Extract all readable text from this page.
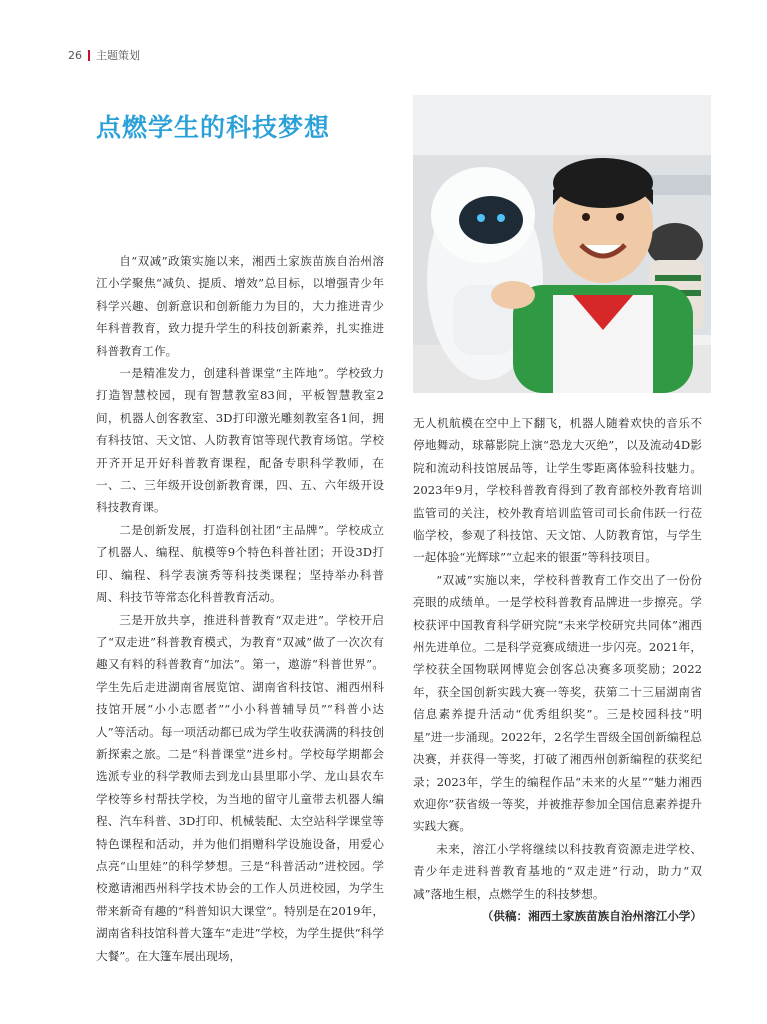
26 主题策划
点燃学生的科技梦想

自“双减”政策实施以来，湘西土家族苗族自治州溶江小学聚焦“减负、提质、增效”总目标，以增强青少年科学兴趣、创新意识和创新能力为目的，大力推进青少年科普教育，致力提升学生的科技创新素养，扎实推进科普教育工作。

一是精准发力，创建科普课堂“主阵地”。学校致力打造智慧校园，现有智慧教室83间，平板智慧教室2间，机器人创客教室、3D打印激光雕刻教室各1间，拥有科技馆、天文馆、人防教育馆等现代教育场馆。学校开齐开足开好科普教育课程，配备专职科学教师，在一、二、三年级开设创新教育课，四、五、六年级开设科技教育课。

二是创新发展，打造科创社团“主品牌”。学校成立了机器人、编程、航模等9个特色科普社团；开设3D打印、编程、科学表演秀等科技类课程；坚持举办科普周、科技节等常态化科普教育活动。

三是开放共享，推进科普教育“双走进”。学校开启了“双走进”科普教育模式，为教育“双减”做了一次次有趣又有料的科普教育“加法”。第一，遨游“科普世界”。学生先后走进湖南省展览馆、湖南省科技馆、湘西州科技馆开展“小小志愿者”“小小科普辅导员”“科普小达人”等活动。每一项活动都已成为学生收获满满的科技创新探索之旅。二是“科普课堂”进乡村。学校每学期都会选派专业的科学教师去到龙山县里耶小学、龙山县农车学校等乡村帮扶学校，为当地的留守儿童带去机器人编程、汽车科普、3D打印、机械装配、太空站科学课堂等特色课程和活动，并为他们捐赠科学设施设备，用爱心点亮“山里娃”的科学梦想。三是“科普活动”进校园。学校邀请湘西州科学技术协会的工作人员进校园，为学生带来新奇有趣的“科普知识大课堂”。特别是在2019年，湖南省科技馆科普大篷车“走进”学校，为学生提供“科学大餐”。在大篷车展出现场，

无人机航模在空中上下翻飞，机器人随着欢快的音乐不停地舞动，球幕影院上演“恐龙大灭绝”，以及流动4D影院和流动科技馆展品等，让学生零距离体验科技魅力。2023年9月，学校科普教育得到了教育部校外教育培训监管司的关注，校外教育培训监管司司长俞伟跃一行莅临学校，参观了科技馆、天文馆、人防教育馆，与学生一起体验“光辉球”“立起来的银蛋”等科技项目。

“双减”实施以来，学校科普教育工作交出了一份份亮眼的成绩单。一是学校科普教育品牌进一步擦亮。学校获评中国教育科学研究院“未来学校研究共同体”湘西州先进单位。二是科学竞赛成绩进一步闪亮。2021年，学校获全国物联网博览会创客总决赛多项奖励；2022年，获全国创新实践大赛一等奖，获第二十三届湖南省信息素养提升活动“优秀组织奖”。三是校园科技“明星”进一步涌现。2022年，2名学生晋级全国创新编程总决赛，并获得一等奖，打破了湘西州创新编程的获奖纪录；2023年，学生的编程作品“未来的火星”“魅力湘西欢迎你”获省级一等奖，并被推荐参加全国信息素养提升实践大赛。

未来，溶江小学将继续以科技教育资源走进学校、青少年走进科普教育基地的“双走进”行动，助力“双减”落地生根，点燃学生的科技梦想。

（供稿：湘西土家族苗族自治州溶江小学）
